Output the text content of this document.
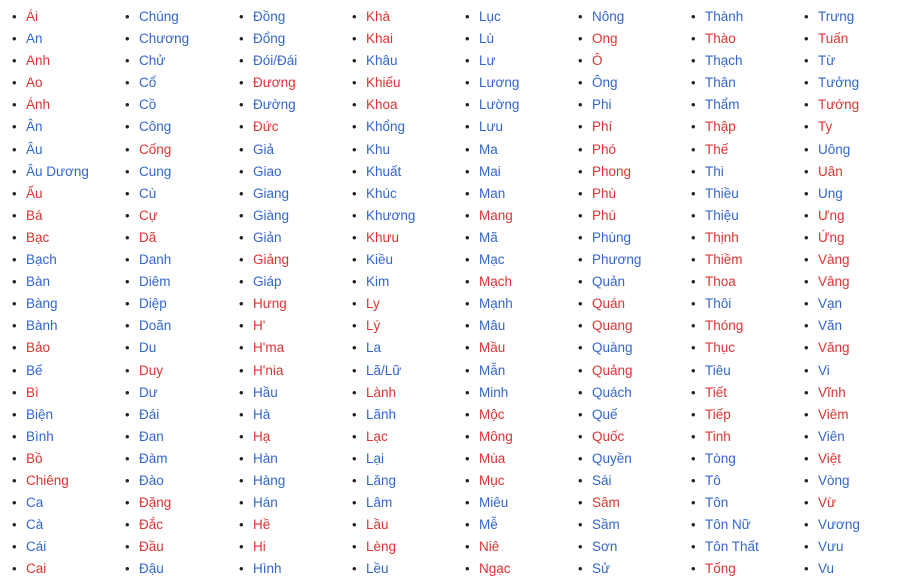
• Ái
• An
• Anh
• Ao
• Ánh
• Ân
• Âu
• Âu Dương
• Ấu
• Bá
• Bạc
• Bạch
• Bàn
• Bàng
• Bành
• Bảo
• Bế
• Bì
• Biện
• Bình
• Bồ
• Chiêng
• Ca
• Cà
• Cái
• Cai
• Chúng
• Chương
• Chử
• Cổ
• Cồ
• Công
• Cống
• Cung
• Cù
• Cự
• Dã
• Danh
• Diêm
• Diệp
• Doãn
• Du
• Duy
• Dư
• Đái
• Đan
• Đàm
• Đào
• Đặng
• Đắc
• Đầu
• Đậu
• Đồng
• Đổng
• Đói/Đái
• Đương
• Đường
• Đức
• Giả
• Giao
• Giang
• Giàng
• Giản
• Giảng
• Giáp
• Hưng
• H'
• H'ma
• H'nia
• Hầu
• Hà
• Hạ
• Hàn
• Hàng
• Hán
• Hề
• Hi
• Hình
• Khà
• Khai
• Khâu
• Khiếu
• Khoa
• Khổng
• Khu
• Khuất
• Khúc
• Khương
• Khưu
• Kiều
• Kim
• Ly
• Lý
• La
• Lã/Lữ
• Lành
• Lãnh
• Lạc
• Lại
• Lăng
• Lâm
• Lầu
• Lèng
• Lều
• Lục
• Lù
• Lư
• Lương
• Lường
• Lưu
• Ma
• Mai
• Man
• Mang
• Mã
• Mạc
• Mạch
• Mạnh
• Mâu
• Mầu
• Mẫn
• Minh
• Mộc
• Mông
• Mùa
• Mục
• Miêu
• Mễ
• Niê
• Ngạc
• Nông
• Ong
• Ô
• Ông
• Phi
• Phí
• Phó
• Phong
• Phù
• Phú
• Phùng
• Phương
• Quản
• Quán
• Quang
• Quàng
• Quảng
• Quách
• Quế
• Quốc
• Quyền
• Sái
• Sâm
• Sầm
• Sơn
• Sử
• Thành
• Thào
• Thạch
• Thân
• Thẩm
• Thập
• Thế
• Thi
• Thiều
• Thiệu
• Thịnh
• Thiềm
• Thoa
• Thôi
• Thóng
• Thục
• Tiêu
• Tiết
• Tiếp
• Tinh
• Tòng
• Tô
• Tôn
• Tôn Nữ
• Tôn Thất
• Tống
• Trưng
• Tuấn
• Từ
• Tưởng
• Tướng
• Ty
• Uông
• Uân
• Ung
• Ưng
• Ứng
• Vàng
• Vâng
• Vạn
• Văn
• Văng
• Vi
• Vĩnh
• Viêm
• Viên
• Việt
• Vòng
• Vừ
• Vương
• Vưu
• Vu
